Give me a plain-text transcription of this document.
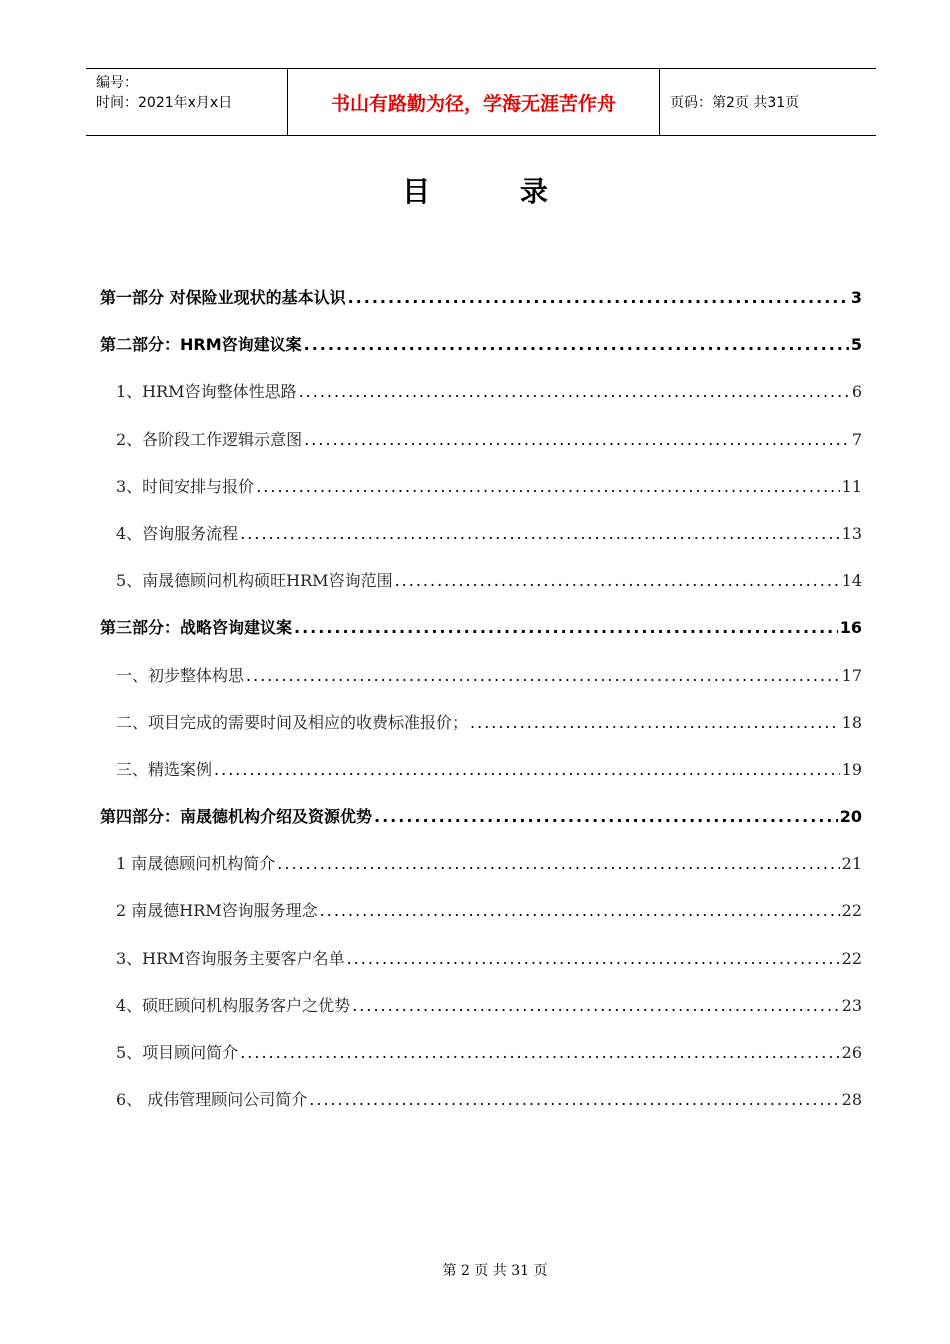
编号：
时间：2021年x月x日	书山有路勤为径，学海无涯苦作舟	页码：第2页 共31页
目 录
第一部分 对保险业现状的基本认识 .....	3
第二部分：HRM咨询建议案 .....	5
1、HRM咨询整体性思路 .....	6
2、各阶段工作逻辑示意图 .....	7
3、时间安排与报价 .....	11
4、咨询服务流程 .....	13
5、南晟德顾问机构硕旺HRM咨询范围 .....	14
第三部分：战略咨询建议案 .....	16
一、初步整体构思 .....	17
二、项目完成的需要时间及相应的收费标准报价； .....	18
三、精选案例 .....	19
第四部分：南晟德机构介绍及资源优势 .....	20
1 南晟德顾问机构简介 .....	21
2 南晟德HRM咨询服务理念 .....	22
3、HRM咨询服务主要客户名单 .....	22
4、硕旺顾问机构服务客户之优势 .....	23
5、项目顾问简介 .....	26
6、 成伟管理顾问公司简介 .....	28
第 2 页 共 31 页
